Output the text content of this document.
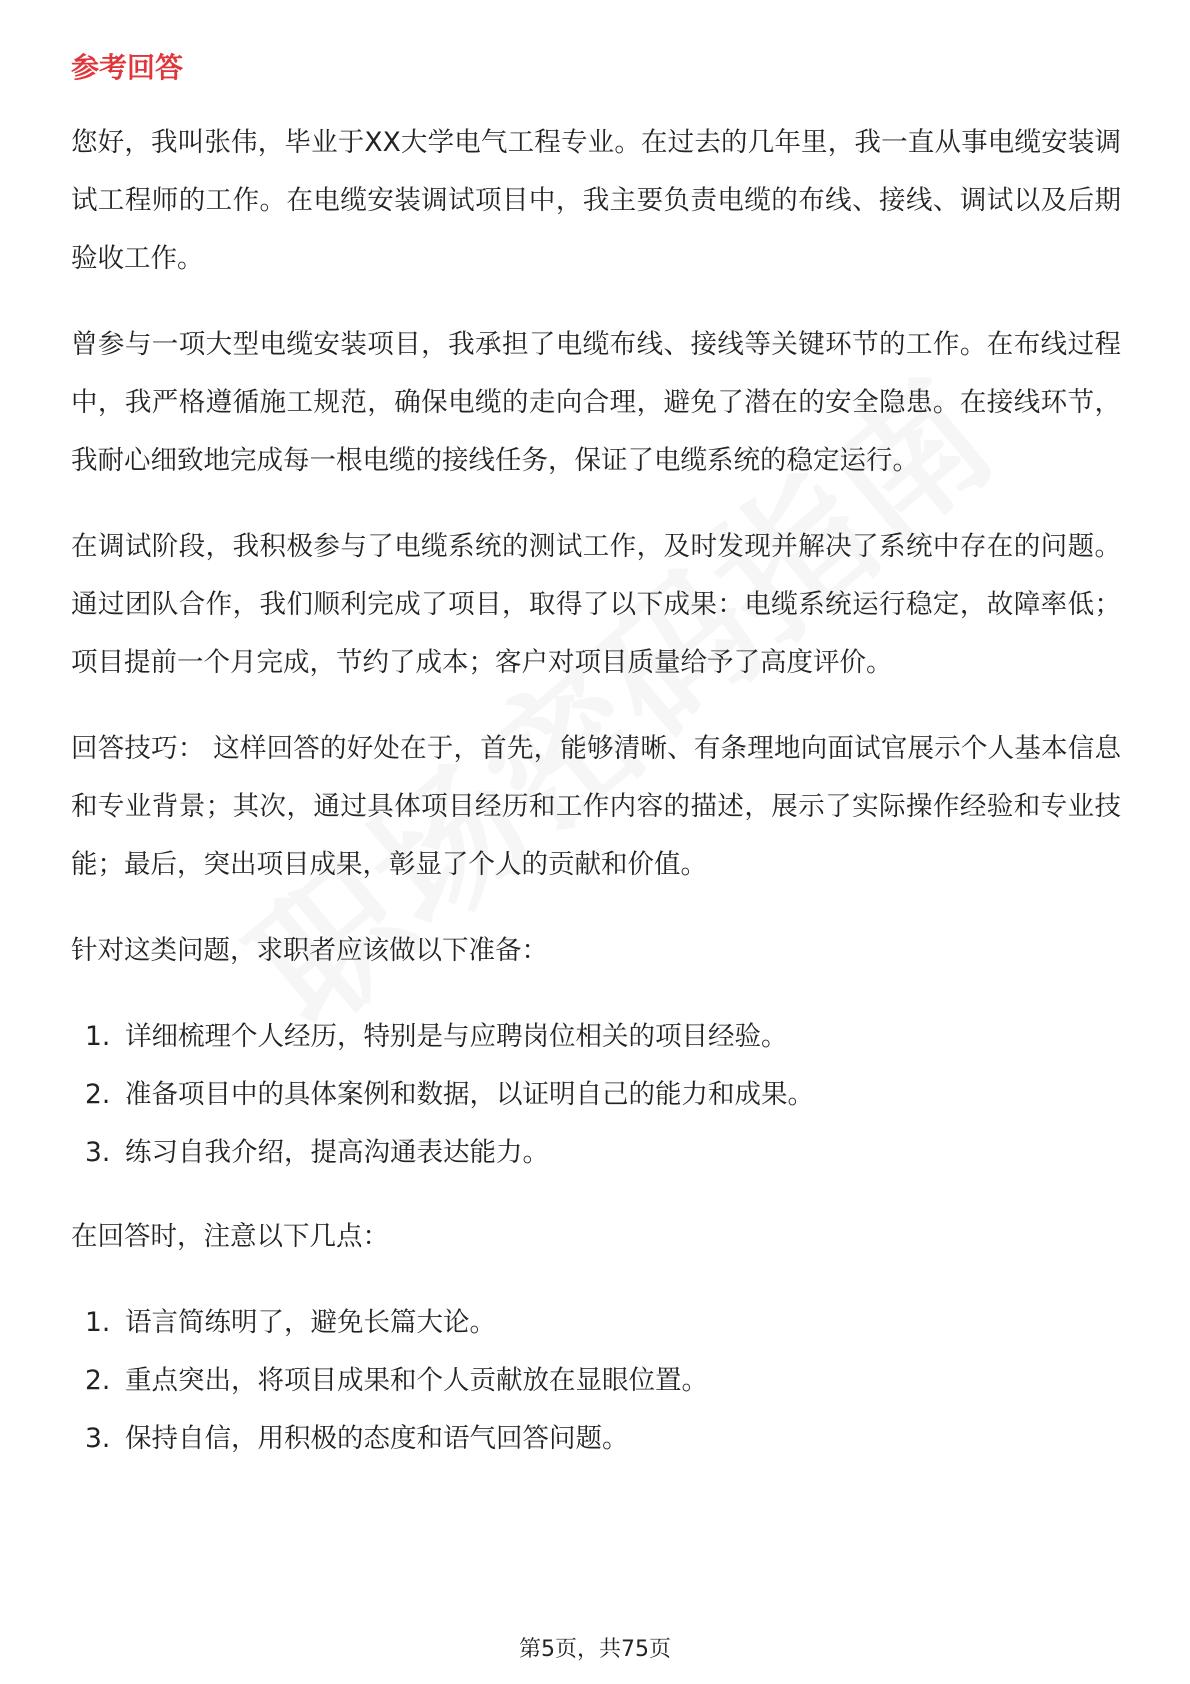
参考回答

您好，我叫张伟，毕业于XX大学电气工程专业。在过去的几年里，我一直从事电缆安装调试工程师的工作。在电缆安装调试项目中，我主要负责电缆的布线、接线、调试以及后期验收工作。

曾参与一项大型电缆安装项目，我承担了电缆布线、接线等关键环节的工作。在布线过程中，我严格遵循施工规范，确保电缆的走向合理，避免了潜在的安全隐患。在接线环节，我耐心细致地完成每一根电缆的接线任务，保证了电缆系统的稳定运行。

在调试阶段，我积极参与了电缆系统的测试工作，及时发现并解决了系统中存在的问题。通过团队合作，我们顺利完成了项目，取得了以下成果：电缆系统运行稳定，故障率低；项目提前一个月完成，节约了成本；客户对项目质量给予了高度评价。

回答技巧： 这样回答的好处在于，首先，能够清晰、有条理地向面试官展示个人基本信息和专业背景；其次，通过具体项目经历和工作内容的描述，展示了实际操作经验和专业技能；最后，突出项目成果，彰显了个人的贡献和价值。

针对这类问题，求职者应该做以下准备：

1. 详细梳理个人经历，特别是与应聘岗位相关的项目经验。
2. 准备项目中的具体案例和数据，以证明自己的能力和成果。
3. 练习自我介绍，提高沟通表达能力。

在回答时，注意以下几点：

1. 语言简练明了，避免长篇大论。
2. 重点突出，将项目成果和个人贡献放在显眼位置。
3. 保持自信，用积极的态度和语气回答问题。
第5页，共75页
